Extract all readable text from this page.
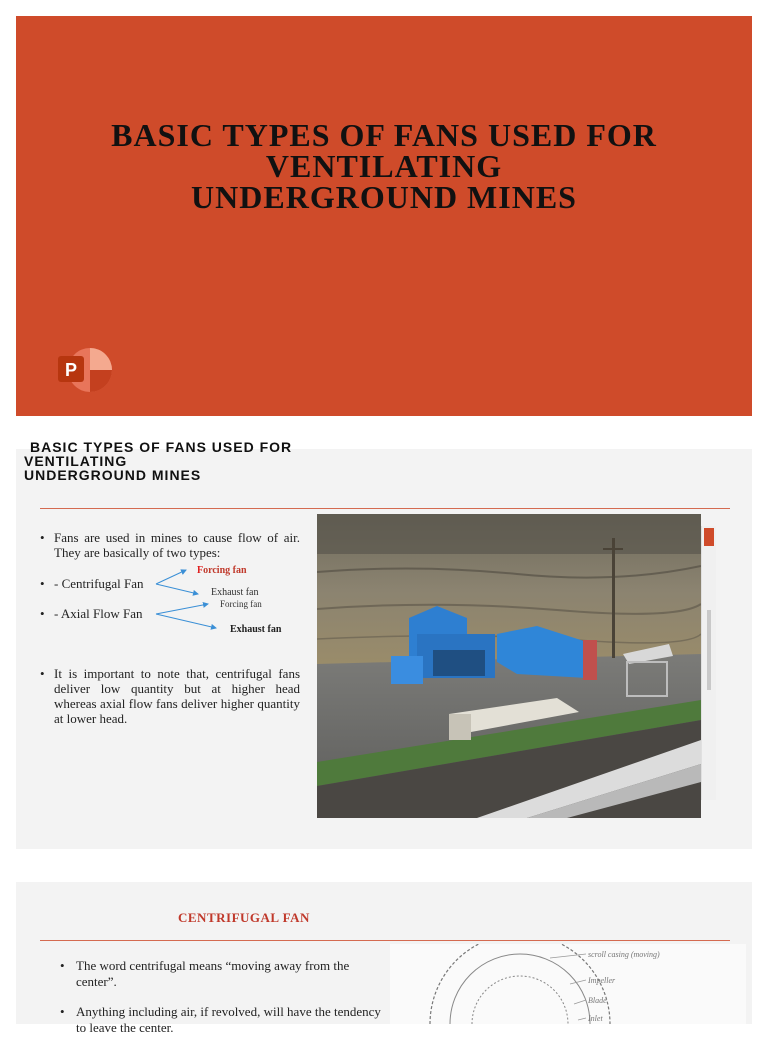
BASIC TYPES OF FANS USED FOR
VENTILATING
UNDERGROUND MINES
P
BASIC TYPES OF FANS USED FOR
VENTILATING
UNDERGROUND MINES
• Fans are used in mines to cause flow of air. They are basically of two types:
• - Centrifugal Fan
• - Axial Flow Fan
• It is important to note that, centrifugal fans deliver low quantity but at higher head whereas axial flow fans deliver higher quantity at lower head.
Forcing fan
Exhaust fan
Forcing fan
Exhaust fan
CENTRIFUGAL FAN
• The word centrifugal means “moving away from the center”.
• Anything including air, if revolved, will have the tendency to leave the center.
scroll casing (moving)
Impeller
Blade
Inlet
